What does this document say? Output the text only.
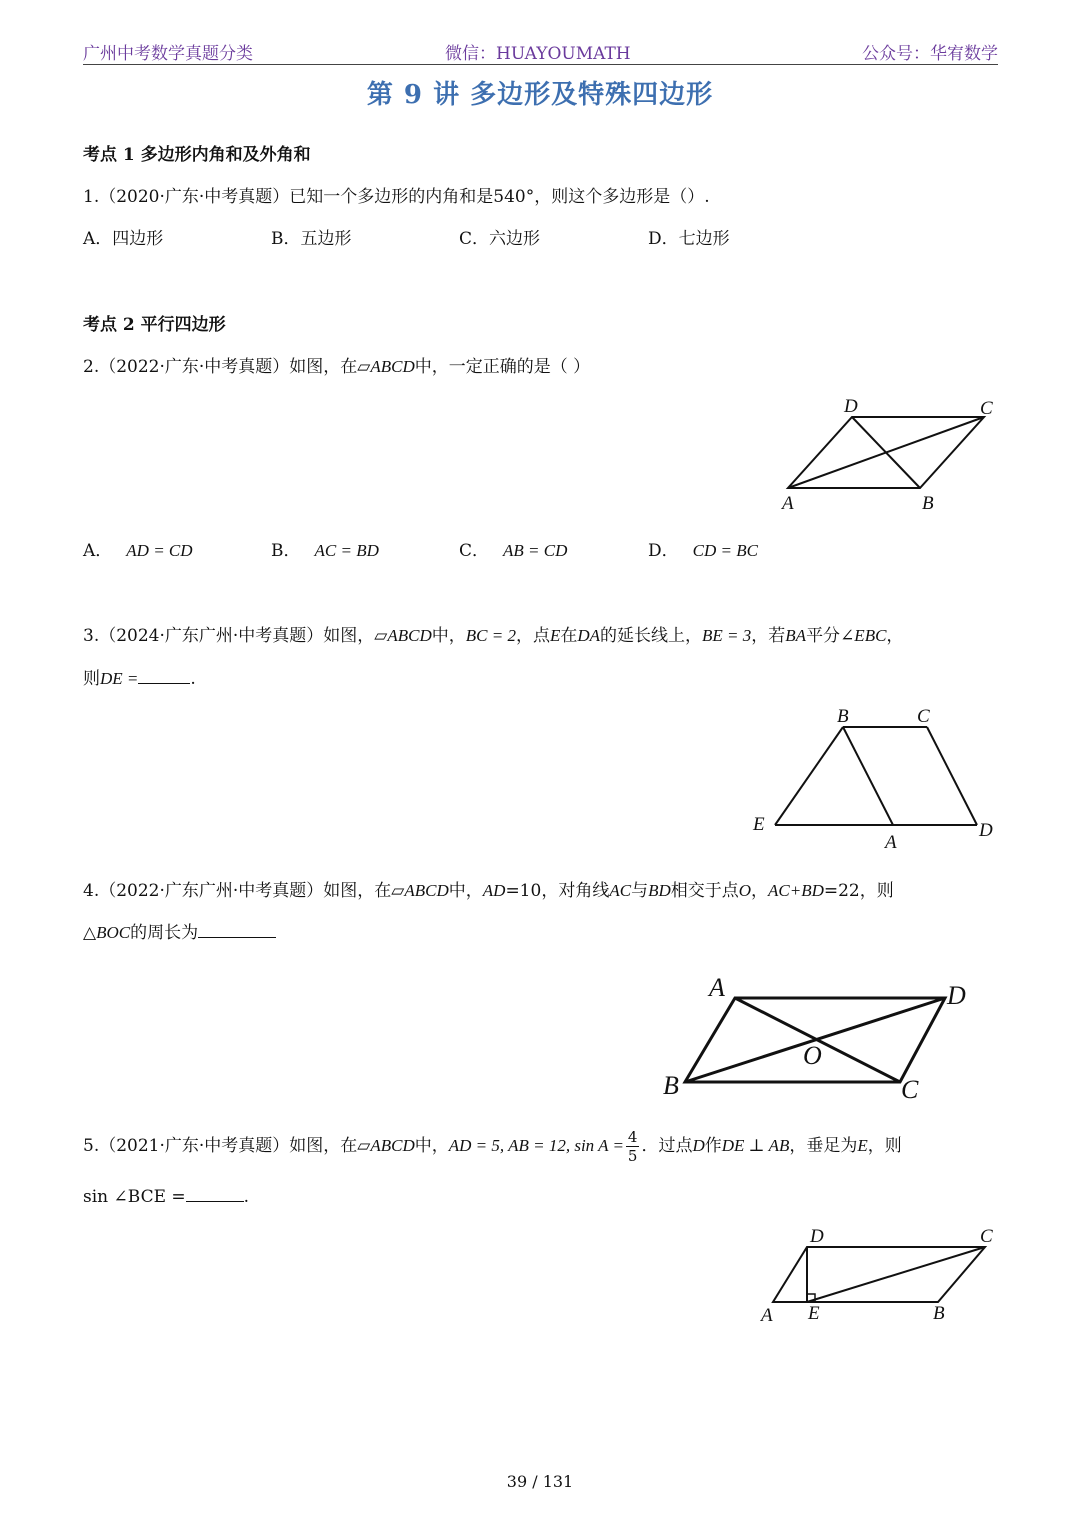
广州中考数学真题分类	微信：HUAYOUMATH	公众号：华宥数学
第 9 讲 多边形及特殊四边形
考点 1 多边形内角和及外角和
1.（2020·广东·中考真题）已知一个多边形的内角和是540°，则这个多边形是（）.
A．四边形	B．五边形	C．六边形	D．七边形
考点 2 平行四边形
2.（2022·广东·中考真题）如图，在▱ABCD中，一定正确的是（ ）
D	C
A	B
A． AD = CD	B． AC = BD	C． AB = CD	D． CD = BC
3.（2024·广东广州·中考真题）如图，▱ABCD中，BC = 2，点E在DA的延长线上，BE = 3，若BA平分∠EBC，
则DE =	.
B	C
E
A
D
4.（2022·广东广州·中考真题）如图，在▱ABCD中，AD=10，对角线AC与BD相交于点O，AC+BD=22，则
△BOC的周长为
A	D
O
B	C
5.（2021·广东·中考真题）如图，在▱ABCD中，AD = 5, AB = 12, $\sin A = \frac{4}{5}$ ．过点D作DE ⊥ AB，垂足为E，则
sin ∠BCE =	.
D	C
A E	B
39 / 131
